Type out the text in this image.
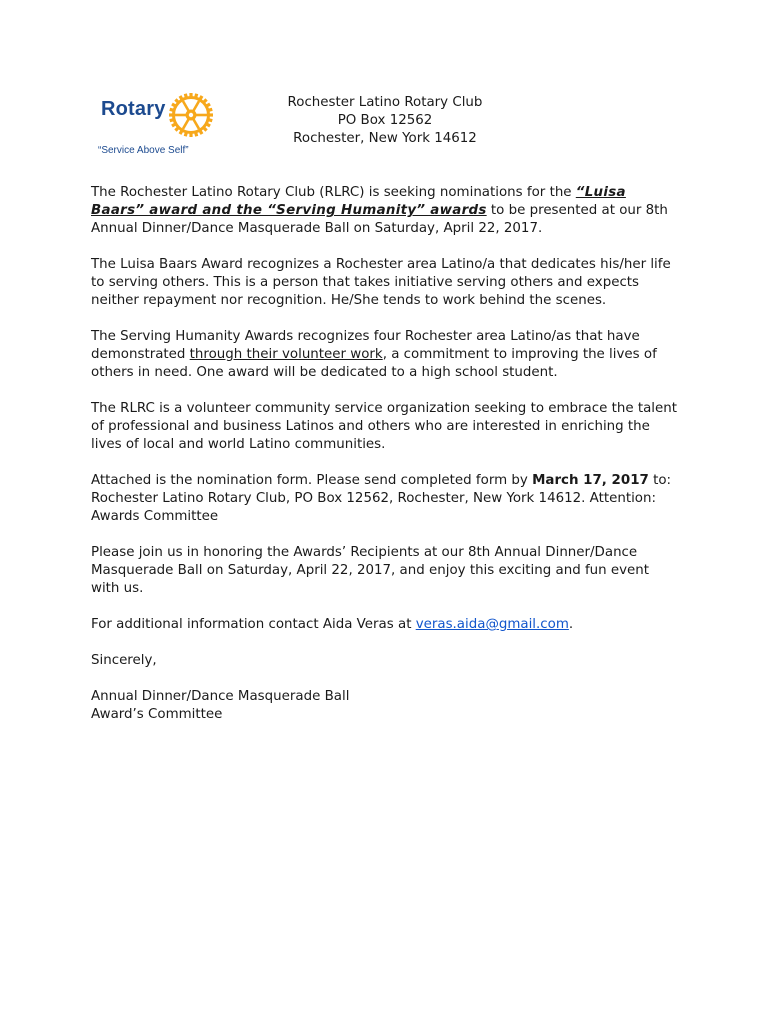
Rotary
“Service Above Self”
Rochester Latino Rotary Club
PO Box 12562
Rochester, New York 14612

The Rochester Latino Rotary Club (RLRC) is seeking nominations for the “Luisa Baars” award and the “Serving Humanity” awards to be presented at our 8th Annual Dinner/Dance Masquerade Ball on Saturday, April 22, 2017.

The Luisa Baars Award recognizes a Rochester area Latino/a that dedicates his/her life to serving others. This is a person that takes initiative serving others and expects neither repayment nor recognition. He/She tends to work behind the scenes.

The Serving Humanity Awards recognizes four Rochester area Latino/as that have demonstrated through their volunteer work, a commitment to improving the lives of others in need. One award will be dedicated to a high school student.

The RLRC is a volunteer community service organization seeking to embrace the talent of professional and business Latinos and others who are interested in enriching the lives of local and world Latino communities.

Attached is the nomination form. Please send completed form by March 17, 2017 to: Rochester Latino Rotary Club, PO Box 12562, Rochester, New York 14612. Attention: Awards Committee

Please join us in honoring the Awards’ Recipients at our 8th Annual Dinner/Dance Masquerade Ball on Saturday, April 22, 2017, and enjoy this exciting and fun event with us.

For additional information contact Aida Veras at veras.aida@gmail.com.

Sincerely,

Annual Dinner/Dance Masquerade Ball
Award’s Committee
